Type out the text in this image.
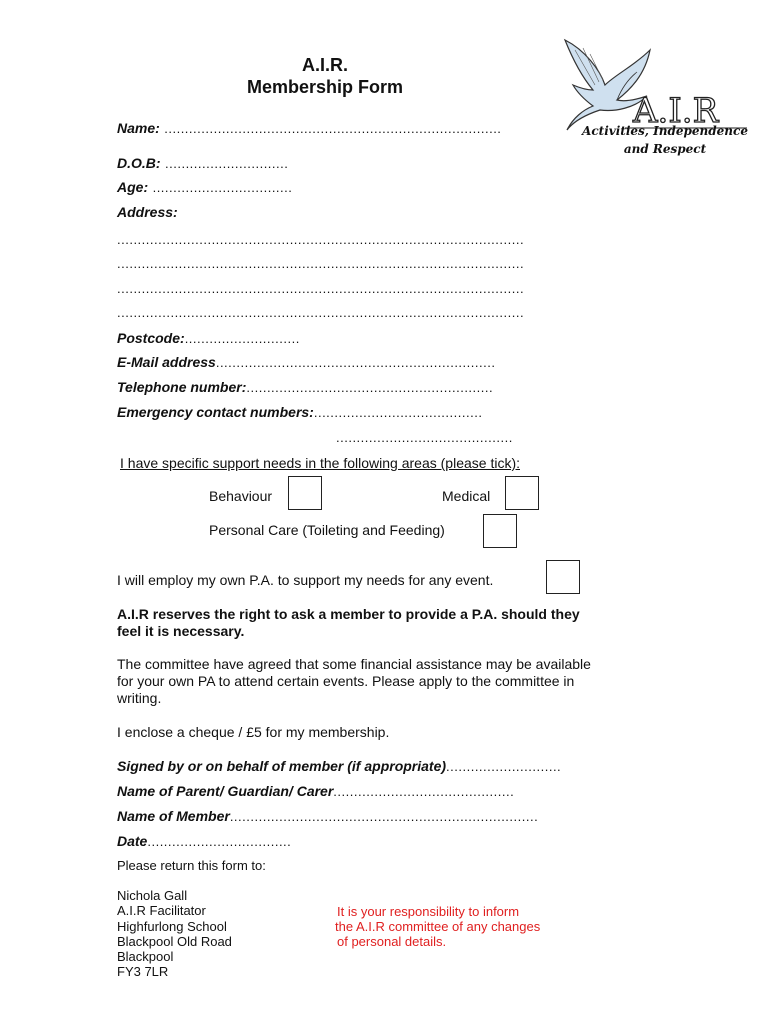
A.I.R.
Membership Form
A.I.R
Activities, Independence
and Respect
Name: ..................................................................................
D.O.B: ..............................
Age: ..................................
Address:
...................................................................................................
...................................................................................................
...................................................................................................
...................................................................................................
Postcode:............................
E-Mail address....................................................................
Telephone number:............................................................
Emergency contact numbers:.........................................
...........................................
I have specific support needs in the following areas (please tick):
Behaviour	Medical
Personal Care (Toileting and Feeding)
I will employ my own P.A. to support my needs for any event.
A.I.R reserves the right to ask a member to provide a P.A. should they
feel it is necessary.
The committee have agreed that some financial assistance may be available
for your own PA to attend certain events. Please apply to the committee in
writing.
I enclose a cheque / £5 for my membership.
Signed by or on behalf of member (if appropriate)............................
Name of Parent/ Guardian/ Carer............................................
Name of Member...........................................................................
Date...................................
Please return this form to:
Nichola Gall
A.I.R Facilitator
Highfurlong School
Blackpool Old Road
Blackpool
FY3 7LR
It is your responsibility to inform
the A.I.R committee of any changes
of personal details.
